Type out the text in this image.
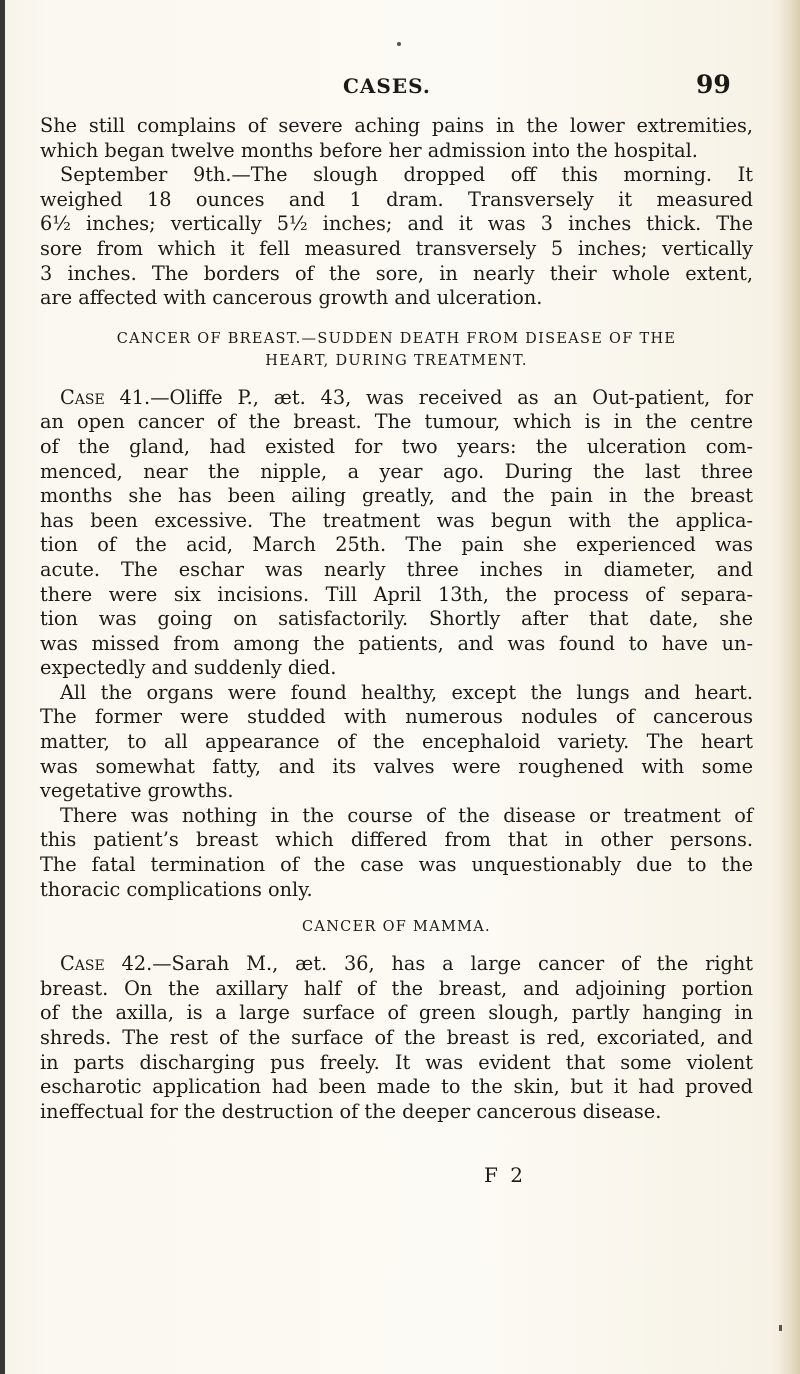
CASES.	99
She still complains of severe aching pains in the lower extremities,
which began twelve months before her admission into the hospital.
September 9th.—The slough dropped off this morning. It
weighed 18 ounces and 1 dram. Transversely it measured
6½ inches; vertically 5½ inches; and it was 3 inches thick. The
sore from which it fell measured transversely 5 inches; vertically
3 inches. The borders of the sore, in nearly their whole extent,
are affected with cancerous growth and ulceration.
CANCER OF BREAST.—SUDDEN DEATH FROM DISEASE OF THE
HEART, DURING TREATMENT.
Case 41.—Oliffe P., æt. 43, was received as an Out-patient, for
an open cancer of the breast. The tumour, which is in the centre
of the gland, had existed for two years: the ulceration com-
menced, near the nipple, a year ago. During the last three
months she has been ailing greatly, and the pain in the breast
has been excessive. The treatment was begun with the applica-
tion of the acid, March 25th. The pain she experienced was
acute. The eschar was nearly three inches in diameter, and
there were six incisions. Till April 13th, the process of separa-
tion was going on satisfactorily. Shortly after that date, she
was missed from among the patients, and was found to have un-
expectedly and suddenly died.
All the organs were found healthy, except the lungs and heart.
The former were studded with numerous nodules of cancerous
matter, to all appearance of the encephaloid variety. The heart
was somewhat fatty, and its valves were roughened with some
vegetative growths.
There was nothing in the course of the disease or treatment of
this patient’s breast which differed from that in other persons.
The fatal termination of the case was unquestionably due to the
thoracic complications only.
CANCER OF MAMMA.
Case 42.—Sarah M., æt. 36, has a large cancer of the right
breast. On the axillary half of the breast, and adjoining portion
of the axilla, is a large surface of green slough, partly hanging in
shreds. The rest of the surface of the breast is red, excoriated, and
in parts discharging pus freely. It was evident that some violent
escharotic application had been made to the skin, but it had proved
ineffectual for the destruction of the deeper cancerous disease.
F 2
